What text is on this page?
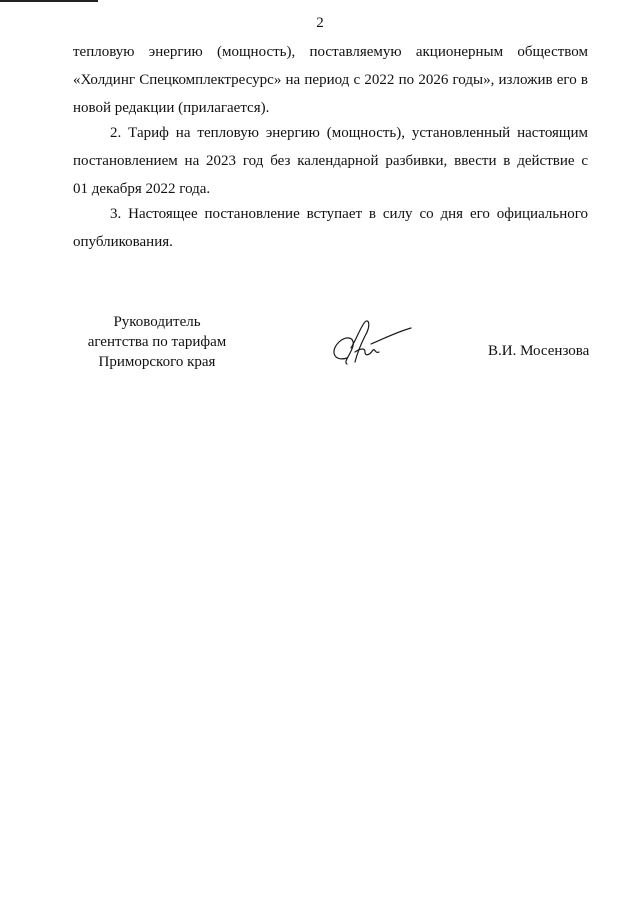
2
тепловую энергию (мощность), поставляемую акционерным обществом
«Холдинг Спецкомплектресурс» на период с 2022 по 2026 годы», изложив его в
новой редакции (прилагается).
2. Тариф на тепловую энергию (мощность), установленный настоящим
постановлением на 2023 год без календарной разбивки, ввести в действие с
01 декабря 2022 года.
3. Настоящее постановление вступает в силу со дня его официального
опубликования.
Руководитель
агентства по тарифам
Приморского края
В.И. Мосензова
